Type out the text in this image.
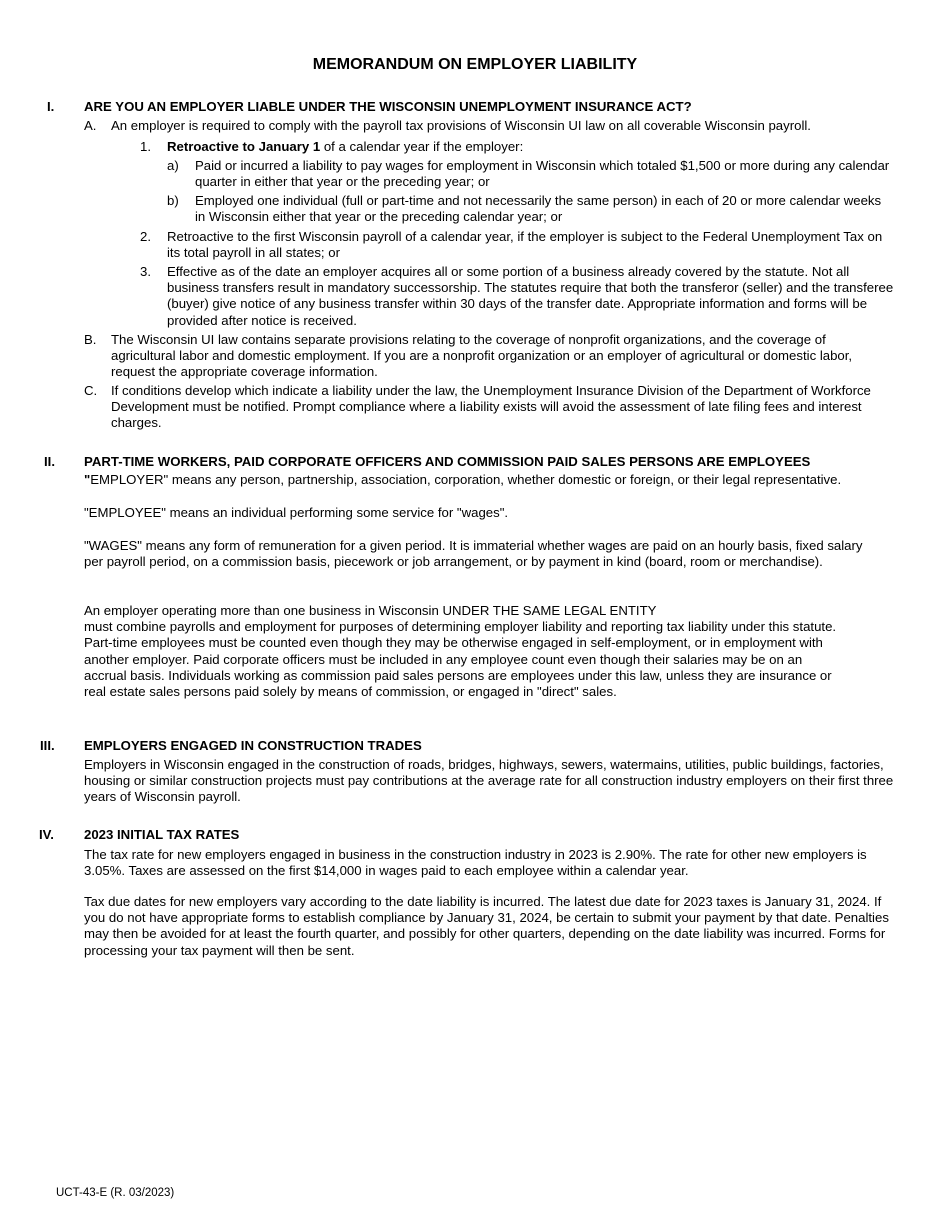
MEMORANDUM ON EMPLOYER LIABILITY
I. ARE YOU AN EMPLOYER LIABLE UNDER THE WISCONSIN UNEMPLOYMENT INSURANCE ACT?
A. An employer is required to comply with the payroll tax provisions of Wisconsin UI law on all coverable Wisconsin payroll.
1. Retroactive to January 1 of a calendar year if the employer:
a) Paid or incurred a liability to pay wages for employment in Wisconsin which totaled $1,500 or more during any calendar quarter in either that year or the preceding year; or
b) Employed one individual (full or part-time and not necessarily the same person) in each of 20 or more calendar weeks in Wisconsin either that year or the preceding calendar year; or
2. Retroactive to the first Wisconsin payroll of a calendar year, if the employer is subject to the Federal Unemployment Tax on its total payroll in all states; or
3. Effective as of the date an employer acquires all or some portion of a business already covered by the statute. Not all business transfers result in mandatory successorship. The statutes require that both the transferor (seller) and the transferee (buyer) give notice of any business transfer within 30 days of the transfer date. Appropriate information and forms will be provided after notice is received.
B. The Wisconsin UI law contains separate provisions relating to the coverage of nonprofit organizations, and the coverage of agricultural labor and domestic employment. If you are a nonprofit organization or an employer of agricultural or domestic labor, request the appropriate coverage information.
C. If conditions develop which indicate a liability under the law, the Unemployment Insurance Division of the Department of Workforce Development must be notified. Prompt compliance where a liability exists will avoid the assessment of late filing fees and interest charges.
II. PART-TIME WORKERS, PAID CORPORATE OFFICERS AND COMMISSION PAID SALES PERSONS ARE EMPLOYEES
"EMPLOYER" means any person, partnership, association, corporation, whether domestic or foreign, or their legal representative.
"EMPLOYEE" means an individual performing some service for "wages".
"WAGES" means any form of remuneration for a given period. It is immaterial whether wages are paid on an hourly basis, fixed salary per payroll period, on a commission basis, piecework or job arrangement, or by payment in kind (board, room or merchandise).

An employer operating more than one business in Wisconsin UNDER THE SAME LEGAL ENTITY

must combine payrolls and employment for purposes of determining employer liability and reporting tax liability under this statute. Part-time employees must be counted even though they may be otherwise engaged in self-employment, or in employment with another employer. Paid corporate officers must be included in any employee count even though their salaries may be on an accrual basis. Individuals working as commission paid sales persons are employees under this law, unless they are insurance or real estate sales persons paid solely by means of commission, or engaged in "direct" sales.

III. EMPLOYERS ENGAGED IN CONSTRUCTION TRADES
Employers in Wisconsin engaged in the construction of roads, bridges, highways, sewers, watermains, utilities, public buildings, factories, housing or similar construction projects must pay contributions at the average rate for all construction industry employers on their first three years of Wisconsin payroll.
IV. 2023 INITIAL TAX RATES
The tax rate for new employers engaged in business in the construction industry in 2023 is 2.90%. The rate for other new employers is 3.05%. Taxes are assessed on the first $14,000 in wages paid to each employee within a calendar year.
Tax due dates for new employers vary according to the date liability is incurred. The latest due date for 2023 taxes is January 31, 2024. If you do not have appropriate forms to establish compliance by January 31, 2024, be certain to submit your payment by that date. Penalties may then be avoided for at least the fourth quarter, and possibly for other quarters, depending on the date liability was incurred. Forms for processing your tax payment will then be sent.
UCT-43-E (R. 03/2023)
